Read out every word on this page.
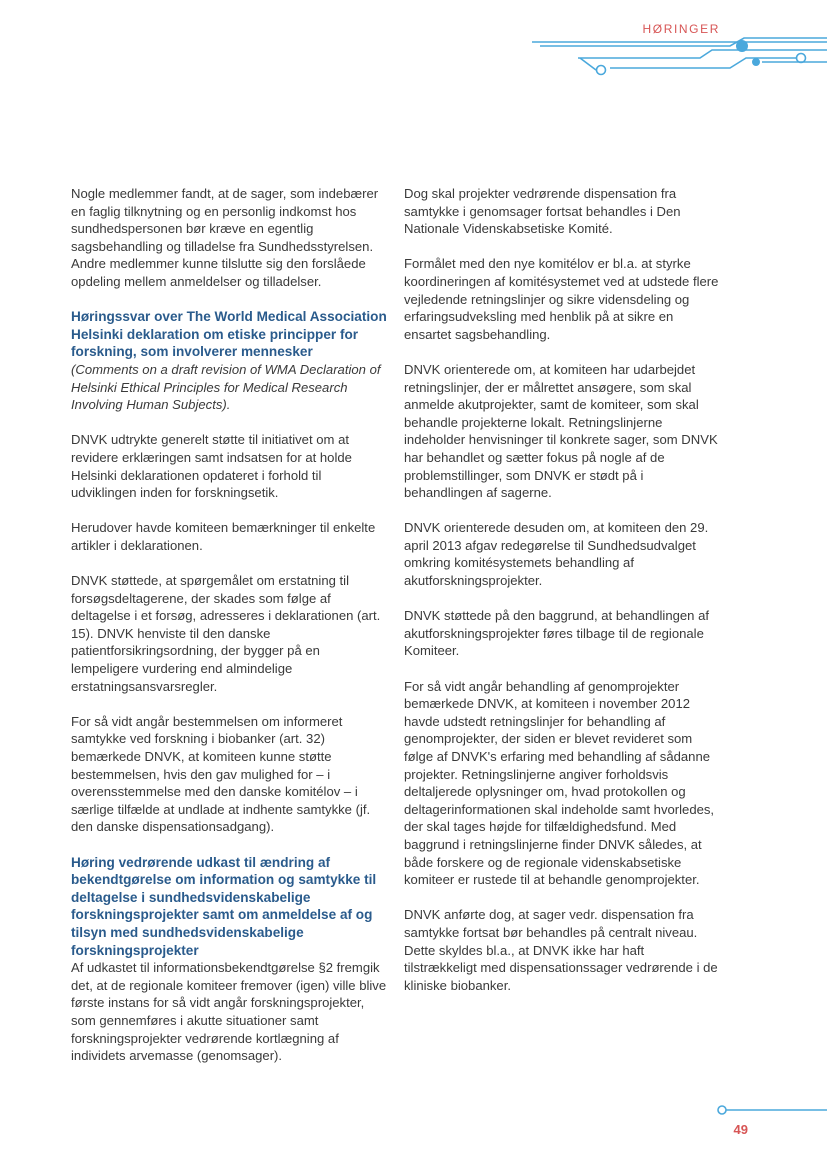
HØRINGER

Nogle medlemmer fandt, at de sager, som indebærer en faglig tilknytning og en personlig indkomst hos sundhedspersonen bør kræve en egentlig sagsbehandling og tilladelse fra Sundhedsstyrelsen. Andre medlemmer kunne tilslutte sig den forslåede opdeling mellem anmeldelser og tilladelser.

Høringssvar over The World Medical Association Helsinki deklaration om etiske principper for forskning, som involverer mennesker

(Comments on a draft revision of WMA Declaration of Helsinki Ethical Principles for Medical Research Involving Human Subjects).

DNVK udtrykte generelt støtte til initiativet om at revidere erklæringen samt indsatsen for at holde Helsinki deklarationen opdateret i forhold til udviklingen inden for forskningsetik.

Herudover havde komiteen bemærkninger til enkelte artikler i deklarationen.

DNVK støttede, at spørgemålet om erstatning til forsøgsdeltagerene, der skades som følge af deltagelse i et forsøg, adresseres i deklarationen (art. 15). DNVK henviste til den danske patientforsikringsordning, der bygger på en lempeligere vurdering end almindelige erstatningsansvarsregler.

For så vidt angår bestemmelsen om informeret samtykke ved forskning i biobanker (art. 32) bemærkede DNVK, at komiteen kunne støtte bestemmelsen, hvis den gav mulighed for – i overensstemmelse med den danske komitélov – i særlige tilfælde at undlade at indhente samtykke (jf. den danske dispensationsadgang).

Høring vedrørende udkast til ændring af bekendtgørelse om information og samtykke til deltagelse i sundhedsvidenskabelige forskningsprojekter samt om anmeldelse af og tilsyn med sundhedsvidenskabelige forskningsprojekter

Af udkastet til informationsbekendtgørelse §2 fremgik det, at de regionale komiteer fremover (igen) ville blive første instans for så vidt angår forskningsprojekter, som gennemføres i akutte situationer samt forskningsprojekter vedrørende kortlægning af individets arvemasse (genomsager).

Dog skal projekter vedrørende dispensation fra samtykke i genomsager fortsat behandles i Den Nationale Videnskabsetiske Komité.

Formålet med den nye komitélov er bl.a. at styrke koordineringen af komitésystemet ved at udstede flere vejledende retningslinjer og sikre vidensdeling og erfaringsudveksling med henblik på at sikre en ensartet sagsbehandling.

DNVK orienterede om, at komiteen har udarbejdet retningslinjer, der er målrettet ansøgere, som skal anmelde akutprojekter, samt de komiteer, som skal behandle projekterne lokalt. Retningslinjerne indeholder henvisninger til konkrete sager, som DNVK har behandlet og sætter fokus på nogle af de problemstillinger, som DNVK er stødt på i behandlingen af sagerne.

DNVK orienterede desuden om, at komiteen den 29. april 2013 afgav redegørelse til Sundhedsudvalget omkring komitésystemets behandling af akutforskningsprojekter.

DNVK støttede på den baggrund, at behandlingen af akutforskningsprojekter føres tilbage til de regionale Komiteer.

For så vidt angår behandling af genomprojekter bemærkede DNVK, at komiteen i november 2012 havde udstedt retningslinjer for behandling af genomprojekter, der siden er blevet revideret som følge af DNVK's erfaring med behandling af sådanne projekter. Retningslinjerne angiver forholdsvis deltaljerede oplysninger om, hvad protokollen og deltagerinformationen skal indeholde samt hvorledes, der skal tages højde for tilfældighedsfund. Med baggrund i retningslinjerne finder DNVK således, at både forskere og de regionale videnskabsetiske komiteer er rustede til at behandle genomprojekter.

DNVK anførte dog, at sager vedr. dispensation fra samtykke fortsat bør behandles på centralt niveau. Dette skyldes bl.a., at DNVK ikke har haft tilstrækkeligt med dispensationssager vedrørende i de kliniske biobanker.

49
